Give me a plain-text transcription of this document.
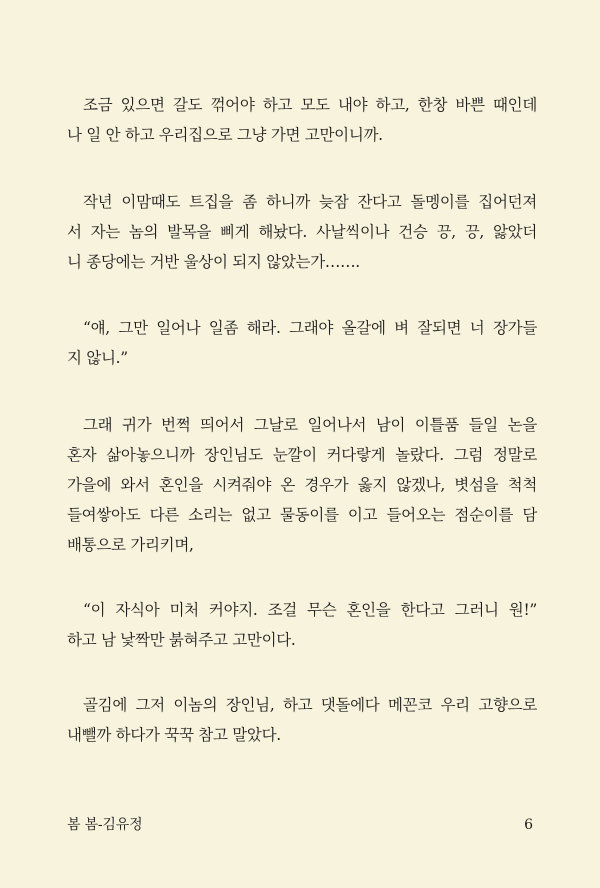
조금 있으면 갈도 꺾어야 하고 모도 내야 하고, 한창 바쁜 때인데
나 일 안 하고 우리집으로 그냥 가면 고만이니까.

작년 이맘때도 트집을 좀 하니까 늦잠 잔다고 돌멩이를 집어던져
서 자는 놈의 발목을 삐게 해놨다. 사날씩이나 건승 끙, 끙, 앓았더
니 종당에는 거반 울상이 되지 않았는가…….

“얘, 그만 일어나 일좀 해라. 그래야 올갈에 벼 잘되면 너 장가들
지 않니.”

그래 귀가 번쩍 띄어서 그날로 일어나서 남이 이틀품 들일 논을
혼자 삶아놓으니까 장인님도 눈깔이 커다랗게 놀랐다. 그럼 정말로
가을에 와서 혼인을 시켜줘야 온 경우가 옳지 않겠나, 볏섬을 척척
들여쌓아도 다른 소리는 없고 물동이를 이고 들어오는 점순이를 담
배통으로 가리키며,

“이 자식아 미처 커야지. 조걸 무슨 혼인을 한다고 그러니 원!”
하고 남 낯짝만 붉혀주고 고만이다.

골김에 그저 이놈의 장인님, 하고 댓돌에다 메꼰코 우리 고향으로
내뺄까 하다가 꾹꾹 참고 말았다.

봄 봄-김유정	6
